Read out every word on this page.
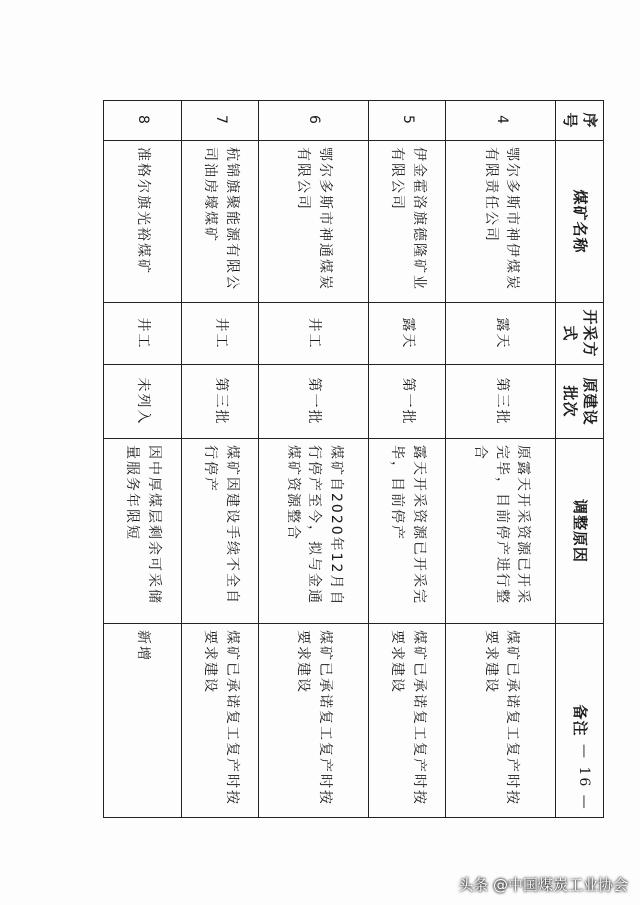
序号	煤矿名称	开采方式	原建设批次	调整原因	备注
4	鄂尔多斯市神伊煤炭有限责任公司	露天	第三批	原露天开采资源已开采完毕，目前停产进行整合	煤矿已承诺复工复产时按要求建设
5	伊金霍洛旗德隆矿业有限公司	露天	第一批	露天开采资源已开采完毕，目前停产	煤矿已承诺复工复产时按要求建设
6	鄂尔多斯市神通煤炭有限公司	井工	第一批	煤矿自2020年12月自行停产至今，拟与金通煤矿资源整合	煤矿已承诺复工复产时按要求建设
7	杭锦旗聚能源有限公司油房壕煤矿	井工	第三批	煤矿因建设手续不全自行停产	煤矿已承诺复工复产时按要求建设
8	准格尔旗光裕煤矿	井工	未列入	因中厚煤层剩余可采储量服务年限短	新增
— 16 —
头条 @中国煤炭工业协会
